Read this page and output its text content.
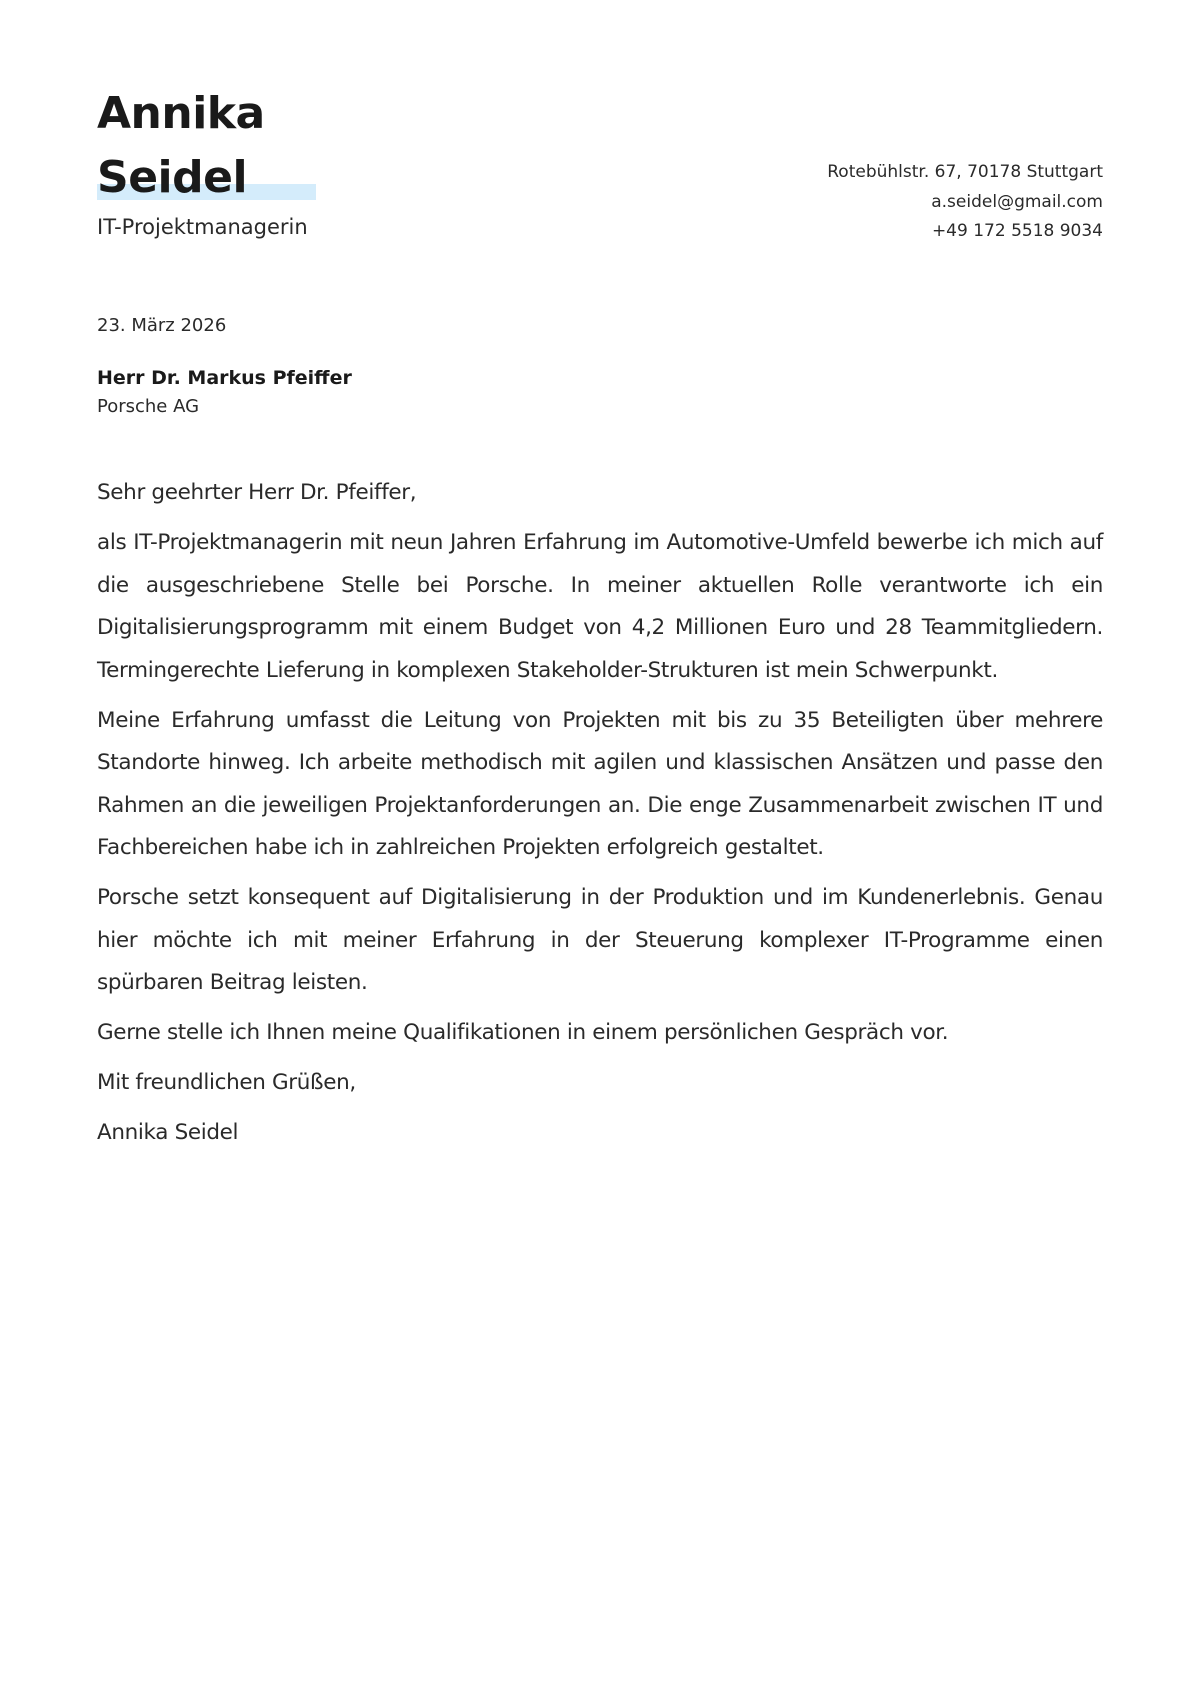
Annika
Seidel
IT-Projektmanagerin
Rotebühlstr. 67, 70178 Stuttgart
a.seidel@gmail.com
+49 172 5518 9034
23. März 2026
Herr Dr. Markus Pfeiffer
Porsche AG

Sehr geehrter Herr Dr. Pfeiffer,

als IT-Projektmanagerin mit neun Jahren Erfahrung im Automotive-Umfeld bewerbe ich mich auf die ausgeschriebene Stelle bei Porsche. In meiner aktuellen Rolle verantworte ich ein Digitalisierungsprogramm mit einem Budget von 4,2 Millionen Euro und 28 Teammitgliedern. Termingerechte Lieferung in komplexen Stakeholder-Strukturen ist mein Schwerpunkt.

Meine Erfahrung umfasst die Leitung von Projekten mit bis zu 35 Beteiligten über mehrere Standorte hinweg. Ich arbeite methodisch mit agilen und klassischen Ansätzen und passe den Rahmen an die jeweiligen Projektanforderungen an. Die enge Zusammenarbeit zwischen IT und Fachbereichen habe ich in zahlreichen Projekten erfolgreich gestaltet.

Porsche setzt konsequent auf Digitalisierung in der Produktion und im Kundenerlebnis. Genau hier möchte ich mit meiner Erfahrung in der Steuerung komplexer IT-Programme einen spürbaren Beitrag leisten.

Gerne stelle ich Ihnen meine Qualifikationen in einem persönlichen Gespräch vor.

Mit freundlichen Grüßen,

Annika Seidel
